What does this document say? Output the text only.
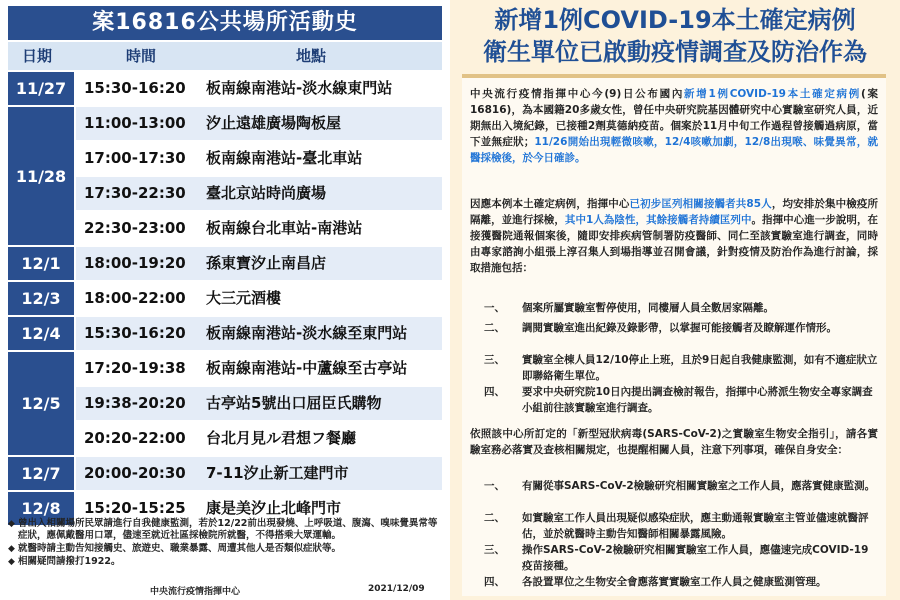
案16816公共場所活動史
日期	時間	地點
11/27	15:30-16:20	板南線南港站-淡水線東門站
11/28
11:00-13:00	汐止遠雄廣場陶板屋
17:00-17:30	板南線南港站-臺北車站
17:30-22:30	臺北京站時尚廣場
22:30-23:00	板南線台北車站-南港站
12/1	18:00-19:20	孫東寶汐止南昌店
12/3	18:00-22:00	大三元酒樓
12/4	15:30-16:20	板南線南港站-淡水線至東門站
12/5
17:20-19:38	板南線南港站-中蘆線至古亭站
19:38-20:20	古亭站5號出口屈臣氏購物
20:20-22:00	台北月見ル君想フ餐廳
12/7	20:00-20:30	7-11汐止新工建門市
12/8	15:20-15:25	康是美汐止北峰門市
◆ 曾出入相關場所民眾請進行自我健康監測，若於12/22前出現發燒、上呼吸道、腹瀉、嗅味覺異常等症狀，應佩戴醫用口罩，儘速至就近社區採檢院所就醫，不得搭乘大眾運輸。
◆ 就醫時請主動告知接觸史、旅遊史、職業暴露、周遭其他人是否類似症狀等。
◆ 相關疑問請撥打1922。
中央流行疫情指揮中心	2021/12/09
新增1例COVID-19本土確定病例
衛生單位已啟動疫情調查及防治作為
中央流行疫情指揮中心今(9)日公布國內新增1例COVID-19本土確定病例(案16816)，為本國籍20多歲女性，曾任中央研究院基因體研究中心實驗室研究人員，近期無出入境紀錄，已接種2劑莫德納疫苗。個案於11月中旬工作過程曾接觸過病原，當下並無症狀；11/26開始出現輕微咳嗽，12/4咳嗽加劇，12/8出現喉、味覺異常，就醫採檢後，於今日確診。
因應本例本土確定病例，指揮中心已初步匡列相關接觸者共85人，均安排於集中檢疫所隔離，並進行採檢，其中1人為陰性，其餘接觸者持續匡列中。指揮中心進一步說明，在接獲醫院通報個案後，隨即安排疾病管制署防疫醫師、同仁至該實驗室進行調查，同時由專家諮詢小組張上淳召集人到場指導並召開會議，針對疫情及防治作為進行討論，採取措施包括：
一、 個案所屬實驗室暫停使用，同樓層人員全數居家隔離。
二、 調閱實驗室進出紀錄及錄影帶，以掌握可能接觸者及瞭解運作情形。
三、 實驗室全棟人員12/10停止上班，且於9日起自我健康監測，如有不適症狀立即聯絡衛生單位。
四、 要求中央研究院10日內提出調查檢討報告，指揮中心將派生物安全專家調查小組前往該實驗室進行調查。
依照該中心所訂定的「新型冠狀病毒(SARS-CoV-2)之實驗室生物安全指引」，請各實驗室務必落實及查核相關規定，也提醒相關人員，注意下列事項，確保自身安全：
一、 有關從事SARS-CoV-2檢驗研究相關實驗室之工作人員，應落實健康監測。
二、 如實驗室工作人員出現疑似感染症狀，應主動通報實驗室主管並儘速就醫評估，並於就醫時主動告知醫師相關暴露風險。
三、 操作SARS-CoV-2檢驗研究相關實驗室工作人員，應儘速完成COVID-19疫苗接種。
四、 各設置單位之生物安全會應落實實驗室工作人員之健康監測管理。
